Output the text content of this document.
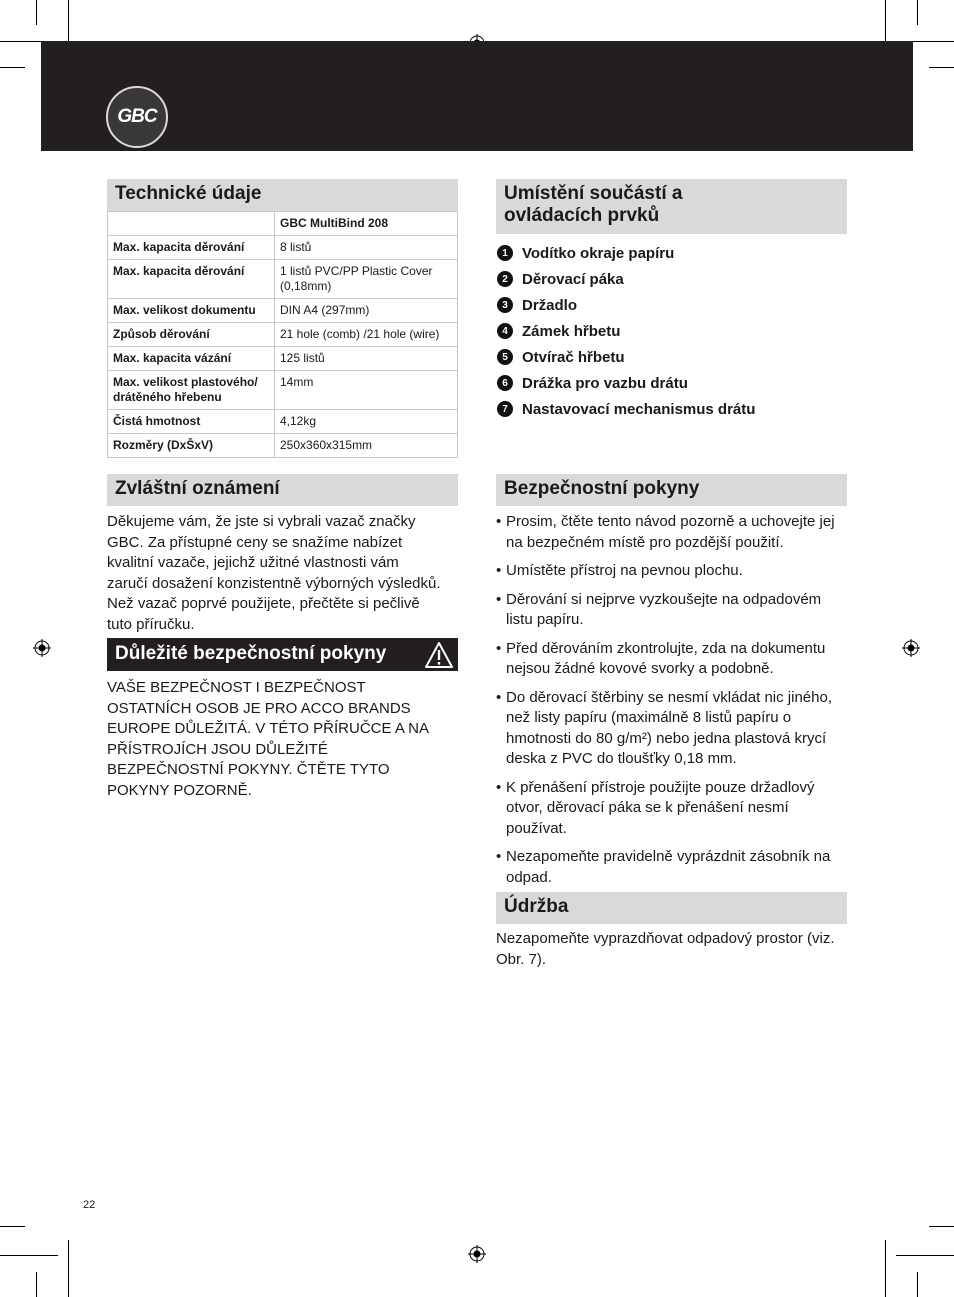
GBC
Technické údaje
	GBC MultiBind 208
Max. kapacita děrování	8 listů
Max. kapacita děrování	1 listů PVC/PP Plastic Cover (0,18mm)
Max. velikost dokumentu	DIN A4 (297mm)
Způsob děrování	21 hole (comb) /21 hole (wire)
Max. kapacita vázání	125 listů
Max. velikost plastového/ drátěného hřebenu	14mm
Čistá hmotnost	4,12kg
Rozměry (DxŠxV)	250x360x315mm
Umístění součástí a ovládacích prvků
1 Vodítko okraje papíru
2 Děrovací páka
3 Držadlo
4 Zámek hřbetu
5 Otvírač hřbetu
6 Drážka pro vazbu drátu
7 Nastavovací mechanismus drátu
Zvláštní oznámení

Děkujeme vám, že jste si vybrali vazač značky GBC. Za přístupné ceny se snažíme nabízet kvalitní vazače, jejichž užitné vlastnosti vám zaručí dosažení konzistentně výborných výsledků. Než vazač poprvé použijete, přečtěte si pečlivě tuto příručku.

Důležité bezpečnostní pokyny

VAŠE BEZPEČNOST I BEZPEČNOST OSTATNÍCH OSOB JE PRO ACCO BRANDS EUROPE DŮLEŽITÁ. V TÉTO PŘÍRUČCE A NA PŘÍSTROJÍCH JSOU DŮLEŽITÉ BEZPEČNOSTNÍ POKYNY. ČTĚTE TYTO POKYNY POZORNĚ.

Bezpečnostní pokyny
• Prosim, čtěte tento návod pozorně a uchovejte jej na bezpečném místě pro pozdější použití.
• Umístěte přístroj na pevnou plochu.
• Děrování si nejprve vyzkoušejte na odpadovém listu papíru.
• Před děrováním zkontrolujte, zda na dokumentu nejsou žádné kovové svorky a podobně.
• Do děrovací štěrbiny se nesmí vkládat nic jiného, než listy papíru (maximálně 8 listů papíru o hmotnosti do 80 g/m²) nebo jedna plastová krycí deska z PVC do tloušťky 0,18 mm.
• K přenášení přístroje použijte pouze držadlový otvor, děrovací páka se k přenášení nesmí používat.
• Nezapomeňte pravidelně vyprázdnit zásobník na odpad.
Údržba

Nezapomeňte vyprazdňovat odpadový prostor (viz. Obr. 7).

22
